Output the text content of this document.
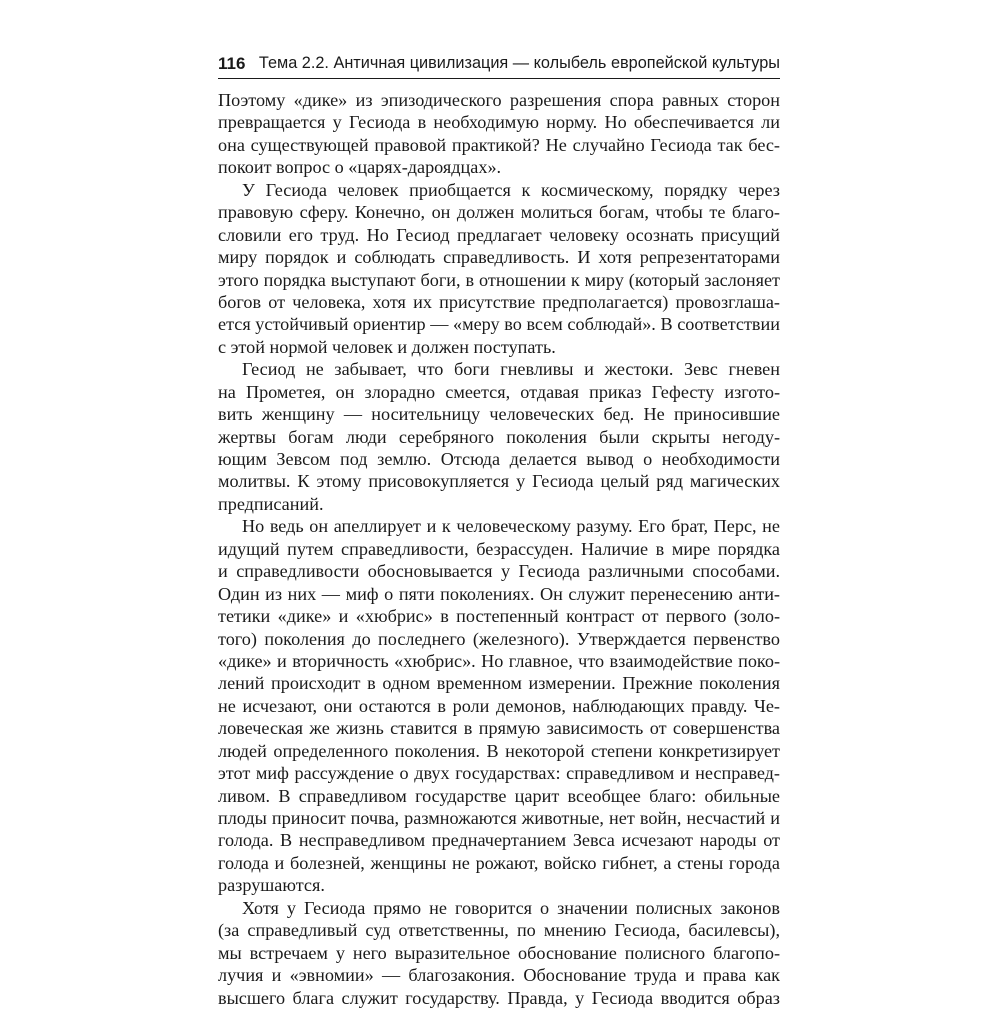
116 Тема 2.2. Античная цивилизация — колыбель европейской культуры
Поэтому «дике» из эпизодического разрешения спора равных сторон
превращается у Гесиода в необходимую норму. Но обеспечивается ли
она существующей правовой практикой? Не случайно Гесиода так бес-
покоит вопрос о «царях-дароядцах».
У Гесиода человек приобщается к космическому, порядку через
правовую сферу. Конечно, он должен молиться богам, чтобы те благо-
словили его труд. Но Гесиод предлагает человеку осознать присущий
миру порядок и соблюдать справедливость. И хотя репрезентаторами
этого порядка выступают боги, в отношении к миру (который заслоняет
богов от человека, хотя их присутствие предполагается) провозглаша-
ется устойчивый ориентир — «меру во всем соблюдай». В соответствии
с этой нормой человек и должен поступать.
Гесиод не забывает, что боги гневливы и жестоки. Зевс гневен
на Прометея, он злорадно смеется, отдавая приказ Гефесту изгото-
вить женщину — носительницу человеческих бед. Не приносившие
жертвы богам люди серебряного поколения были скрыты негоду-
ющим Зевсом под землю. Отсюда делается вывод о необходимости
молитвы. К этому присовокупляется у Гесиода целый ряд магических
предписаний.
Но ведь он апеллирует и к человеческому разуму. Его брат, Перс, не
идущий путем справедливости, безрассуден. Наличие в мире порядка
и справедливости обосновывается у Гесиода различными способами.
Один из них — миф о пяти поколениях. Он служит перенесению анти-
тетики «дике» и «хюбрис» в постепенный контраст от первого (золо-
того) поколения до последнего (железного). Утверждается первенство
«дике» и вторичность «хюбрис». Но главное, что взаимодействие поко-
лений происходит в одном временном измерении. Прежние поколения
не исчезают, они остаются в роли демонов, наблюдающих правду. Че-
ловеческая же жизнь ставится в прямую зависимость от совершенства
людей определенного поколения. В некоторой степени конкретизирует
этот миф рассуждение о двух государствах: справедливом и несправед-
ливом. В справедливом государстве царит всеобщее благо: обильные
плоды приносит почва, размножаются животные, нет войн, несчастий и
голода. В несправедливом предначертанием Зевса исчезают народы от
голода и болезней, женщины не рожают, войско гибнет, а стены города
разрушаются.
Хотя у Гесиода прямо не говорится о значении полисных законов
(за справедливый суд ответственны, по мнению Гесиода, басилевсы),
мы встречаем у него выразительное обоснование полисного благопо-
лучия и «эвномии» — благозакония. Обоснование труда и права как
высшего блага служит государству. Правда, у Гесиода вводится образ
